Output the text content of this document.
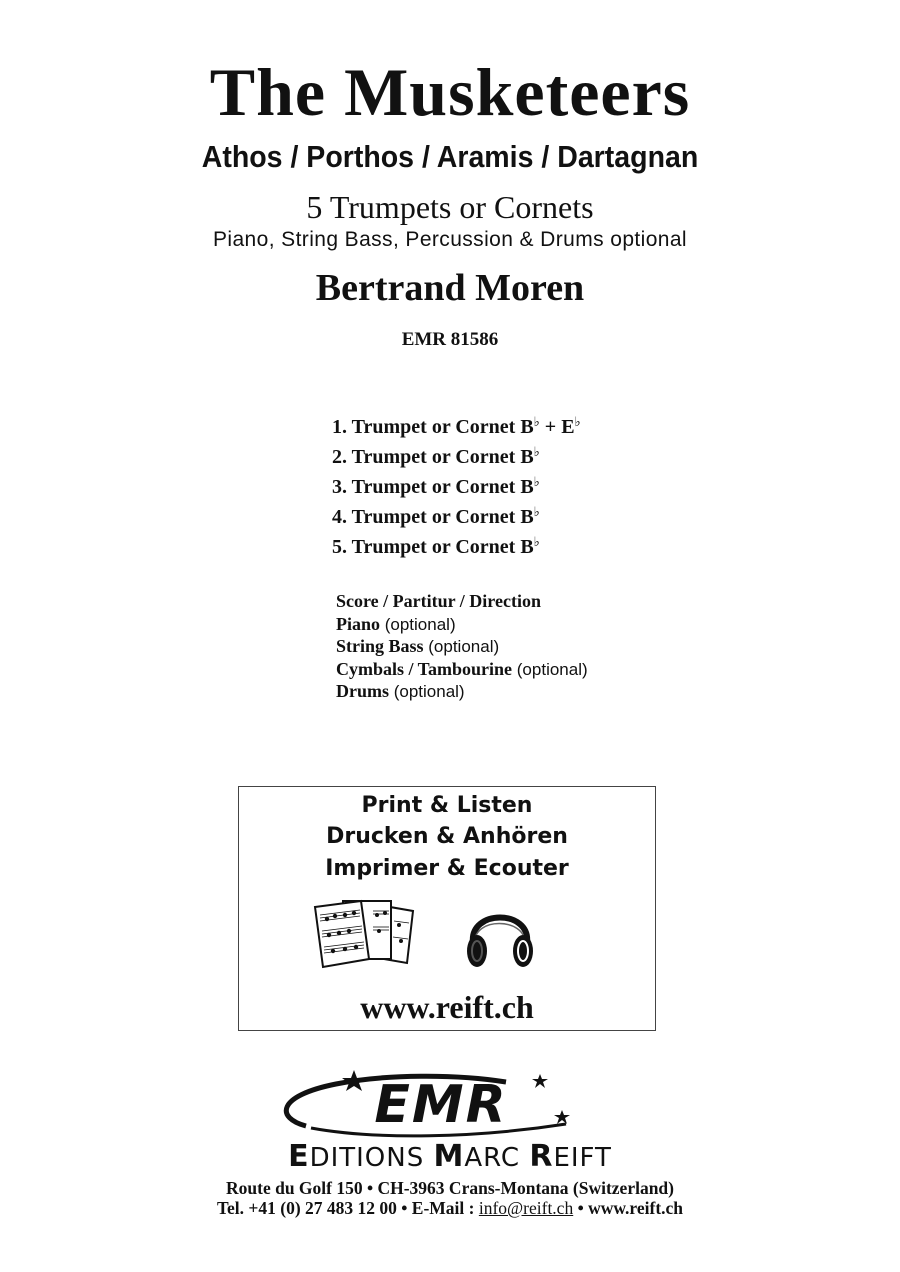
The Musketeers
Athos / Porthos / Aramis / Dartagnan
5 Trumpets or Cornets
Piano, String Bass, Percussion & Drums optional
Bertrand Moren
EMR 81586
1. Trumpet or Cornet B♭ + E♭
2. Trumpet or Cornet B♭
3. Trumpet or Cornet B♭
4. Trumpet or Cornet B♭
5. Trumpet or Cornet B♭
Score / Partitur / Direction
Piano (optional)
String Bass (optional)
Cymbals / Tambourine (optional)
Drums (optional)
Print & Listen
Drucken & Anhören
Imprimer & Ecouter
www.reift.ch
EMR
EDITIONS MARC REIFT
Route du Golf 150 • CH-3963 Crans-Montana (Switzerland)
Tel. +41 (0) 27 483 12 00 • E-Mail : info@reift.ch • www.reift.ch
